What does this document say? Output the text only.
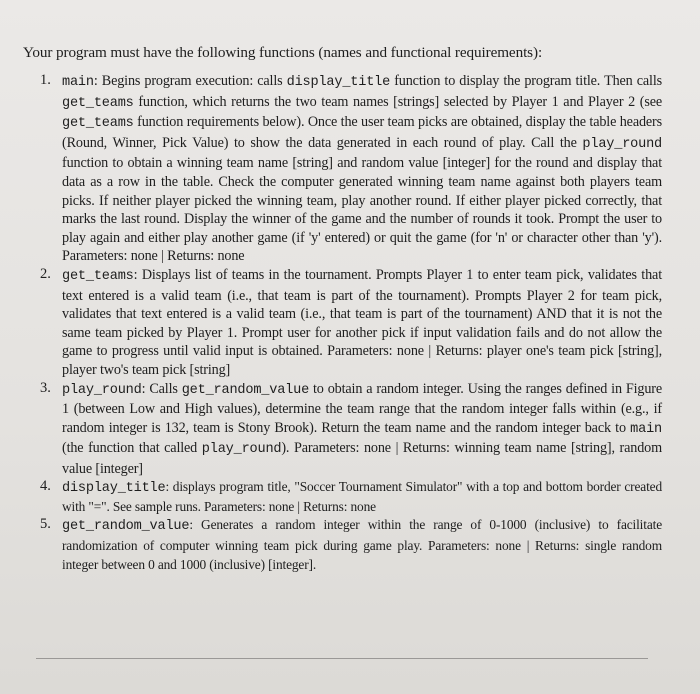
Your program must have the following functions (names and functional requirements):
1. main: Begins program execution: calls display_title function to display the program title. Then calls get_teams function, which returns the two team names [strings] selected by Player 1 and Player 2 (see get_teams function requirements below). Once the user team picks are obtained, display the table headers (Round, Winner, Pick Value) to show the data generated in each round of play. Call the play_round function to obtain a winning team name [string] and random value [integer] for the round and display that data as a row in the table. Check the computer generated winning team name against both players team picks. If neither player picked the winning team, play another round. If either player picked correctly, that marks the last round. Display the winner of the game and the number of rounds it took. Prompt the user to play again and either play another game (if 'y' entered) or quit the game (for 'n' or character other than 'y'). Parameters: none | Returns: none
2. get_teams: Displays list of teams in the tournament. Prompts Player 1 to enter team pick, validates that text entered is a valid team (i.e., that team is part of the tournament). Prompts Player 2 for team pick, validates that text entered is a valid team (i.e., that team is part of the tournament) AND that it is not the same team picked by Player 1. Prompt user for another pick if input validation fails and do not allow the game to progress until valid input is obtained. Parameters: none | Returns: player one's team pick [string], player two's team pick [string]
3. play_round: Calls get_random_value to obtain a random integer. Using the ranges defined in Figure 1 (between Low and High values), determine the team range that the random integer falls within (e.g., if random integer is 132, team is Stony Brook). Return the team name and the random integer back to main (the function that called play_round). Parameters: none | Returns: winning team name [string], random value [integer]
4. display_title: displays program title, "Soccer Tournament Simulator" with a top and bottom border created with "=". See sample runs. Parameters: none | Returns: none
5. get_random_value: Generates a random integer within the range of 0-1000 (inclusive) to facilitate randomization of computer winning team pick during game play. Parameters: none | Returns: single random integer between 0 and 1000 (inclusive) [integer].
